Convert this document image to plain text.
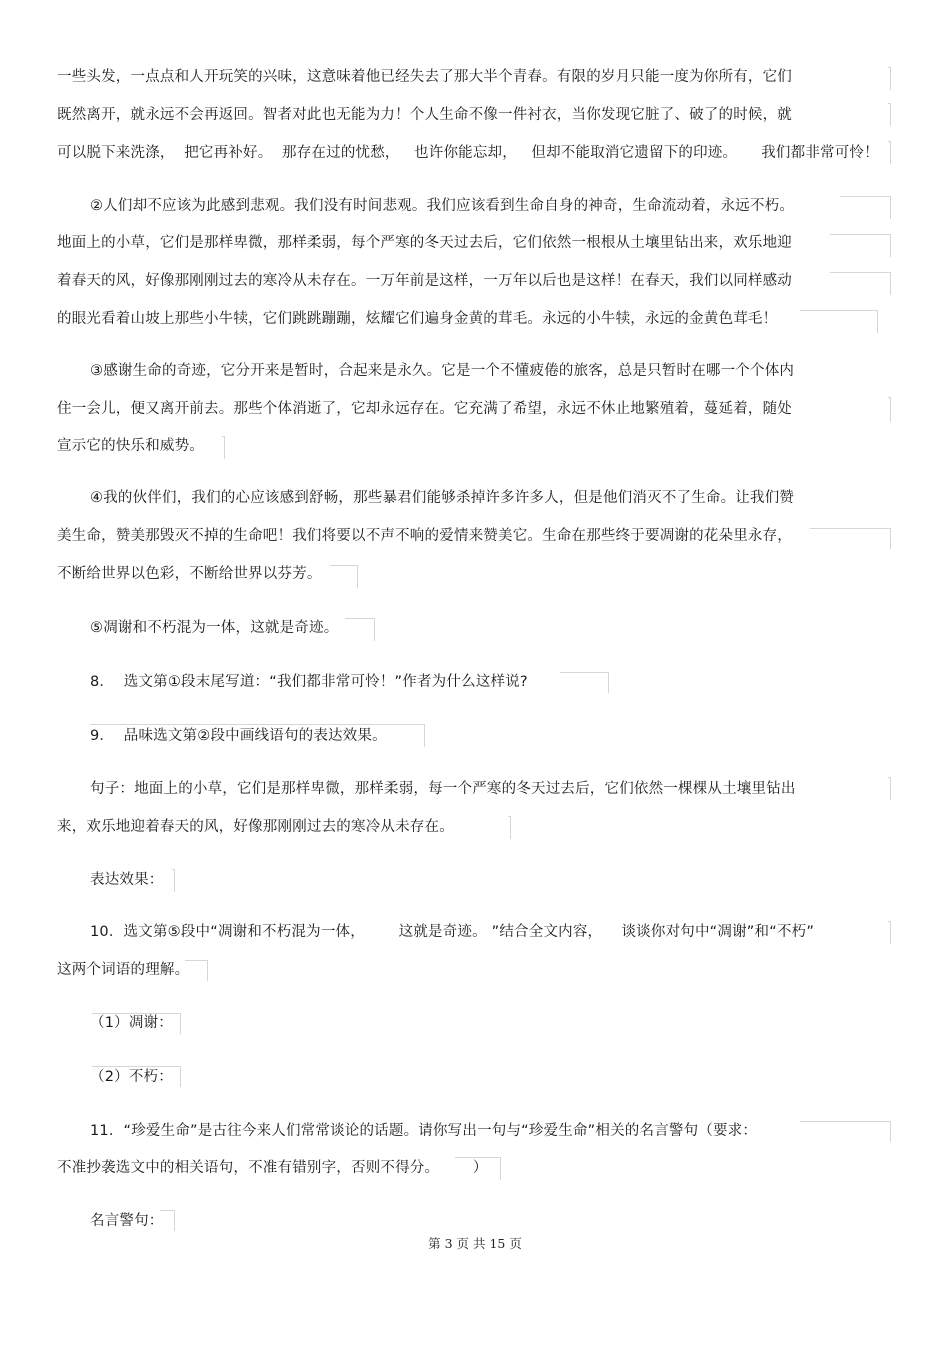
一些头发，一点点和人开玩笑的兴味，这意味着他已经失去了那大半个青春。有限的岁月只能一度为你所有，它们
既然离开，就永远不会再返回。智者对此也无能为力！个人生命不像一件衬衣，当你发现它脏了、破了的时候，就
可以脱下来洗涤，  把它再补好。  那存在过的忧愁，   也许你能忘却，   但却不能取消它遗留下的印迹。     我们都非常可怜！
②人们却不应该为此感到悲观。我们没有时间悲观。我们应该看到生命自身的神奇，生命流动着，永远不朽。
地面上的小草，它们是那样卑微，那样柔弱，每个严寒的冬天过去后，它们依然一根根从土壤里钻出来，欢乐地迎
着春天的风，好像那刚刚过去的寒冷从未存在。一万年前是这样，一万年以后也是这样！在春天，我们以同样感动
的眼光看着山坡上那些小牛犊，它们跳跳蹦蹦，炫耀它们遍身金黄的茸毛。永远的小牛犊，永远的金黄色茸毛！
③感谢生命的奇迹，它分开来是暂时，合起来是永久。它是一个不懂疲倦的旅客，总是只暂时在哪一个个体内
住一会儿，便又离开前去。那些个体消逝了，它却永远存在。它充满了希望，永远不休止地繁殖着，蔓延着，随处
宣示它的快乐和威势。
④我的伙伴们，我们的心应该感到舒畅，那些暴君们能够杀掉许多许多人，但是他们消灭不了生命。让我们赞
美生命，赞美那毁灭不掉的生命吧！我们将要以不声不响的爱情来赞美它。生命在那些终于要凋谢的花朵里永存，
不断给世界以色彩，不断给世界以芬芳。
⑤凋谢和不朽混为一体，这就是奇迹。
8．  选文第①段末尾写道：“我们都非常可怜！”作者为什么这样说?
9．  品味选文第②段中画线语句的表达效果。
句子：地面上的小草，它们是那样卑微，那样柔弱，每一个严寒的冬天过去后，它们依然一棵棵从土壤里钻出
来，欢乐地迎着春天的风，好像那刚刚过去的寒冷从未存在。
表达效果：
10．选文第⑤段中“凋谢和不朽混为一体，       这就是奇迹。 ”结合全文内容，    谈谈你对句中“凋谢”和“不朽”
这两个词语的理解。
（1）凋谢：
（2）不朽：
11．“珍爱生命”是古往今来人们常常谈论的话题。请你写出一句与“珍爱生命”相关的名言警句（要求：
不准抄袭选文中的相关语句，不准有错别字，否则不得分。       ）
名言警句：
第 3 页 共 15 页
